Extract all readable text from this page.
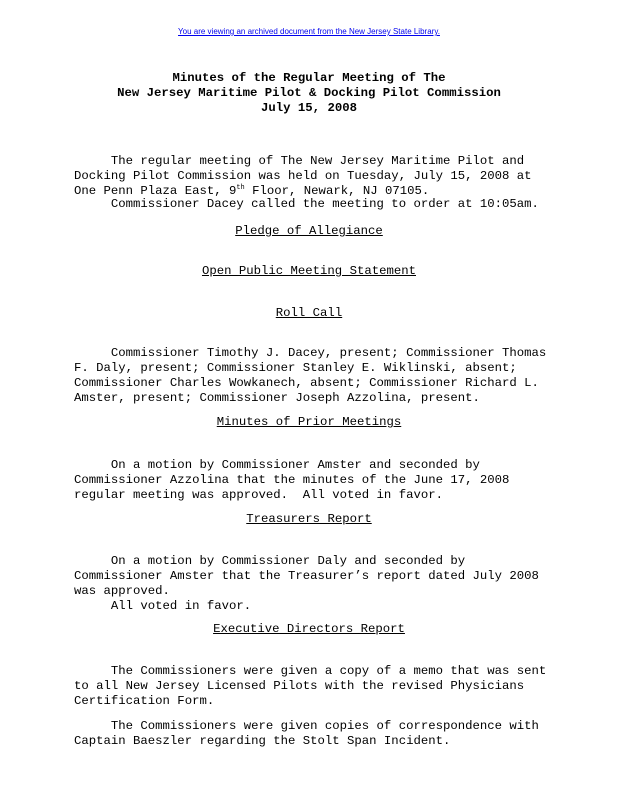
You are viewing an archived document from the New Jersey State Library.
Minutes of the Regular Meeting of The
New Jersey Maritime Pilot & Docking Pilot Commission
July 15, 2008

The regular meeting of The New Jersey Maritime Pilot and
Docking Pilot Commission was held on Tuesday, July 15, 2008 at
One Penn Plaza East, 9th Floor, Newark, NJ 07105.

Commissioner Dacey called the meeting to order at 10:05am.
Pledge of Allegiance
Open Public Meeting Statement
Roll Call

Commissioner Timothy J. Dacey, present; Commissioner Thomas
F. Daly, present; Commissioner Stanley E. Wiklinski, absent;
Commissioner Charles Wowkanech, absent; Commissioner Richard L.
Amster, present; Commissioner Joseph Azzolina, present.

Minutes of Prior Meetings

On a motion by Commissioner Amster and seconded by
Commissioner Azzolina that the minutes of the June 17, 2008
regular meeting was approved.  All voted in favor.

Treasurers Report

On a motion by Commissioner Daly and seconded by
Commissioner Amster that the Treasurer’s report dated July 2008
was approved.
All voted in favor.

Executive Directors Report

The Commissioners were given a copy of a memo that was sent
to all New Jersey Licensed Pilots with the revised Physicians
Certification Form.

The Commissioners were given copies of correspondence with
Captain Baeszler regarding the Stolt Span Incident.
